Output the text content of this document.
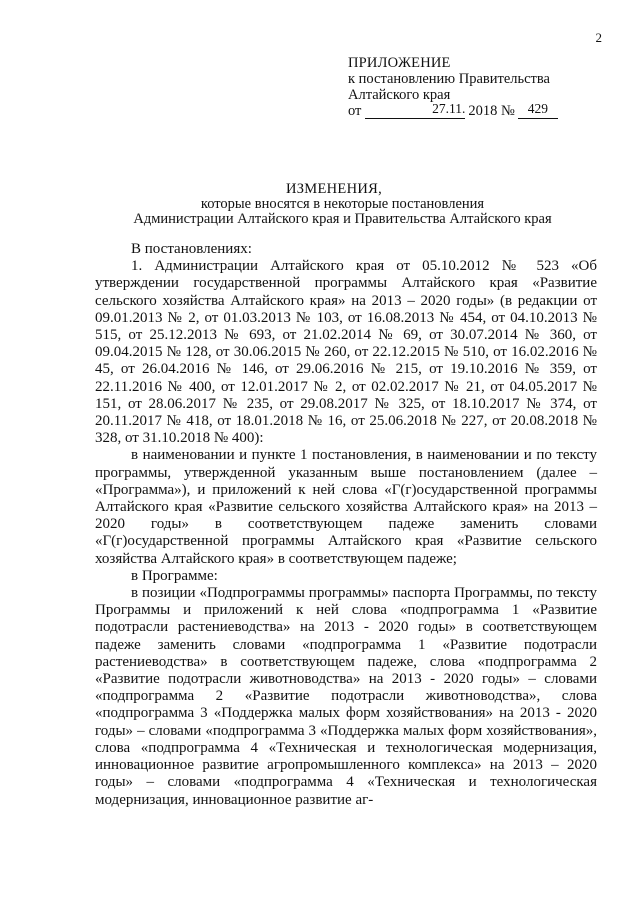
2
ПРИЛОЖЕНИЕ
к постановлению Правительства
Алтайского края
от	27.11. 2018 № 429
ИЗМЕНЕНИЯ,
которые вносятся в некоторые постановления
Администрации Алтайского края и Правительства Алтайского края

В постановлениях:

1. Администрации Алтайского края от 05.10.2012 № 523 «Об утверждении государственной программы Алтайского края «Развитие сельского хозяйства Алтайского края» на 2013 – 2020 годы» (в редакции от 09.01.2013 № 2, от 01.03.2013 № 103, от 16.08.2013 № 454, от 04.10.2013 № 515, от 25.12.2013 № 693, от 21.02.2014 № 69, от 30.07.2014 № 360, от 09.04.2015 № 128, от 30.06.2015 № 260, от 22.12.2015 № 510, от 16.02.2016 № 45, от 26.04.2016 № 146, от 29.06.2016 № 215, от 19.10.2016 № 359, от 22.11.2016 № 400, от 12.01.2017 № 2, от 02.02.2017 № 21, от 04.05.2017 № 151, от 28.06.2017 № 235, от 29.08.2017 № 325, от 18.10.2017 № 374, от 20.11.2017 № 418, от 18.01.2018 № 16, от 25.06.2018 № 227, от 20.08.2018 № 328, от 31.10.2018 № 400):

в наименовании и пункте 1 постановления, в наименовании и по тексту программы, утвержденной указанным выше постановлением (далее – «Программа»), и приложений к ней слова «Г(г)осударственной программы Алтайского края «Развитие сельского хозяйства Алтайского края» на 2013 – 2020 годы» в соответствующем падеже заменить словами «Г(г)осударственной программы Алтайского края «Развитие сельского хозяйства Алтайского края» в соответствующем падеже;

в Программе:

в позиции «Подпрограммы программы» паспорта Программы, по тексту Программы и приложений к ней слова «подпрограмма 1 «Развитие подотрасли растениеводства» на 2013 - 2020 годы» в соответствующем падеже заменить словами «подпрограмма 1 «Развитие подотрасли растениеводства» в соответствующем падеже, слова «подпрограмма 2 «Развитие подотрасли животноводства» на 2013 - 2020 годы» – словами «подпрограмма 2 «Развитие подотрасли животноводства», слова «подпрограмма 3 «Поддержка малых форм хозяйствования» на 2013 - 2020 годы» – словами «подпрограмма 3 «Поддержка малых форм хозяйствования», слова «подпрограмма 4 «Техническая и технологическая модернизация, инновационное развитие агропромышленного комплекса» на 2013 – 2020 годы» – словами «подпрограмма 4 «Техническая и технологическая модернизация, инновационное развитие аг-
